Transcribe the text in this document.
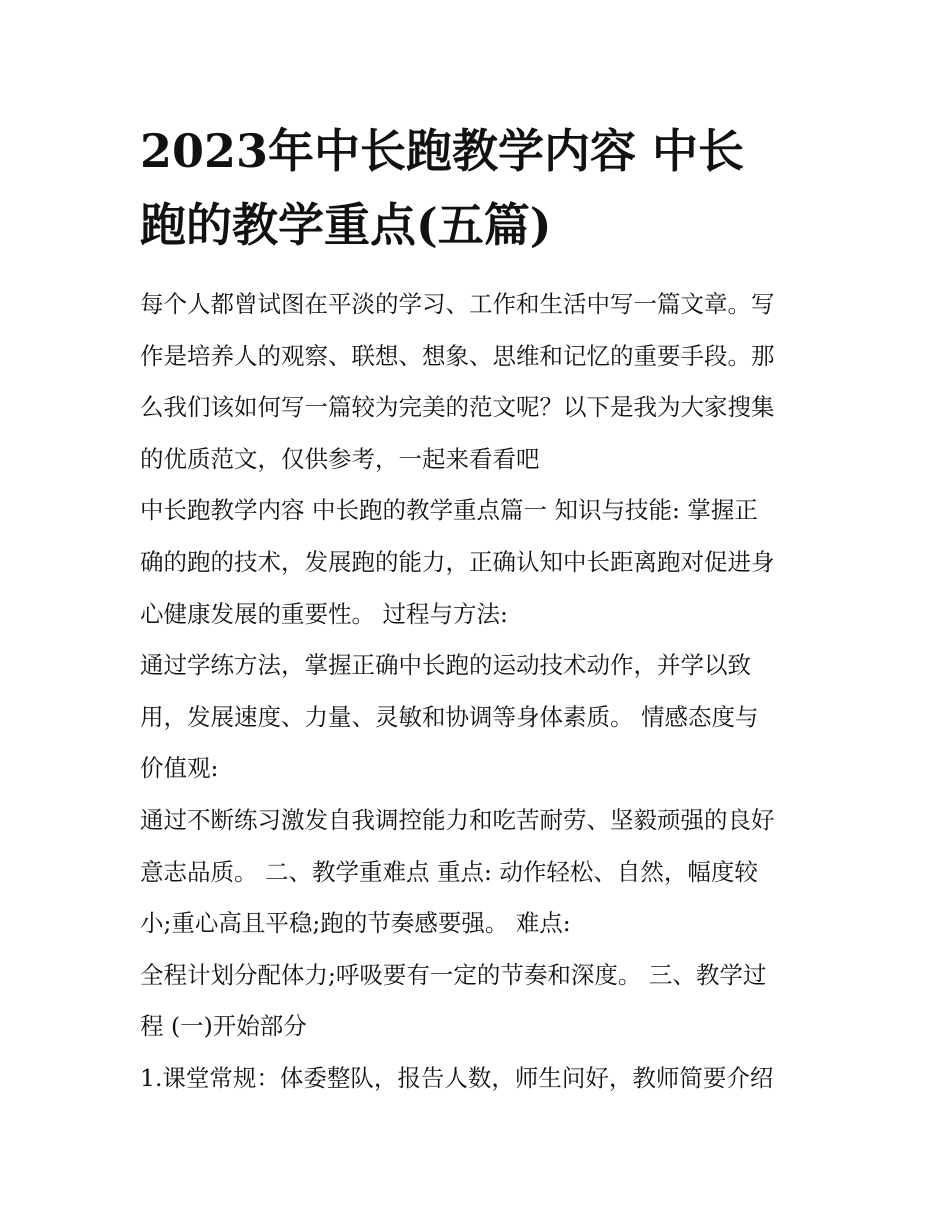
2023年中长跑教学内容 中长
跑的教学重点(五篇)
每个人都曾试图在平淡的学习、工作和生活中写一篇文章。写
作是培养人的观察、联想、想象、思维和记忆的重要手段。那
么我们该如何写一篇较为完美的范文呢？以下是我为大家搜集
的优质范文，仅供参考，一起来看看吧
中长跑教学内容 中长跑的教学重点篇一 知识与技能: 掌握正
确的跑的技术，发展跑的能力，正确认知中长距离跑对促进身
心健康发展的重要性。 过程与方法:
通过学练方法，掌握正确中长跑的运动技术动作，并学以致
用，发展速度、力量、灵敏和协调等身体素质。 情感态度与
价值观:
通过不断练习激发自我调控能力和吃苦耐劳、坚毅顽强的良好
意志品质。 二、教学重难点 重点: 动作轻松、自然，幅度较
小;重心高且平稳;跑的节奏感要强。 难点:
全程计划分配体力;呼吸要有一定的节奏和深度。 三、教学过
程 (一)开始部分
1.课堂常规：体委整队，报告人数，师生问好，教师简要介绍
